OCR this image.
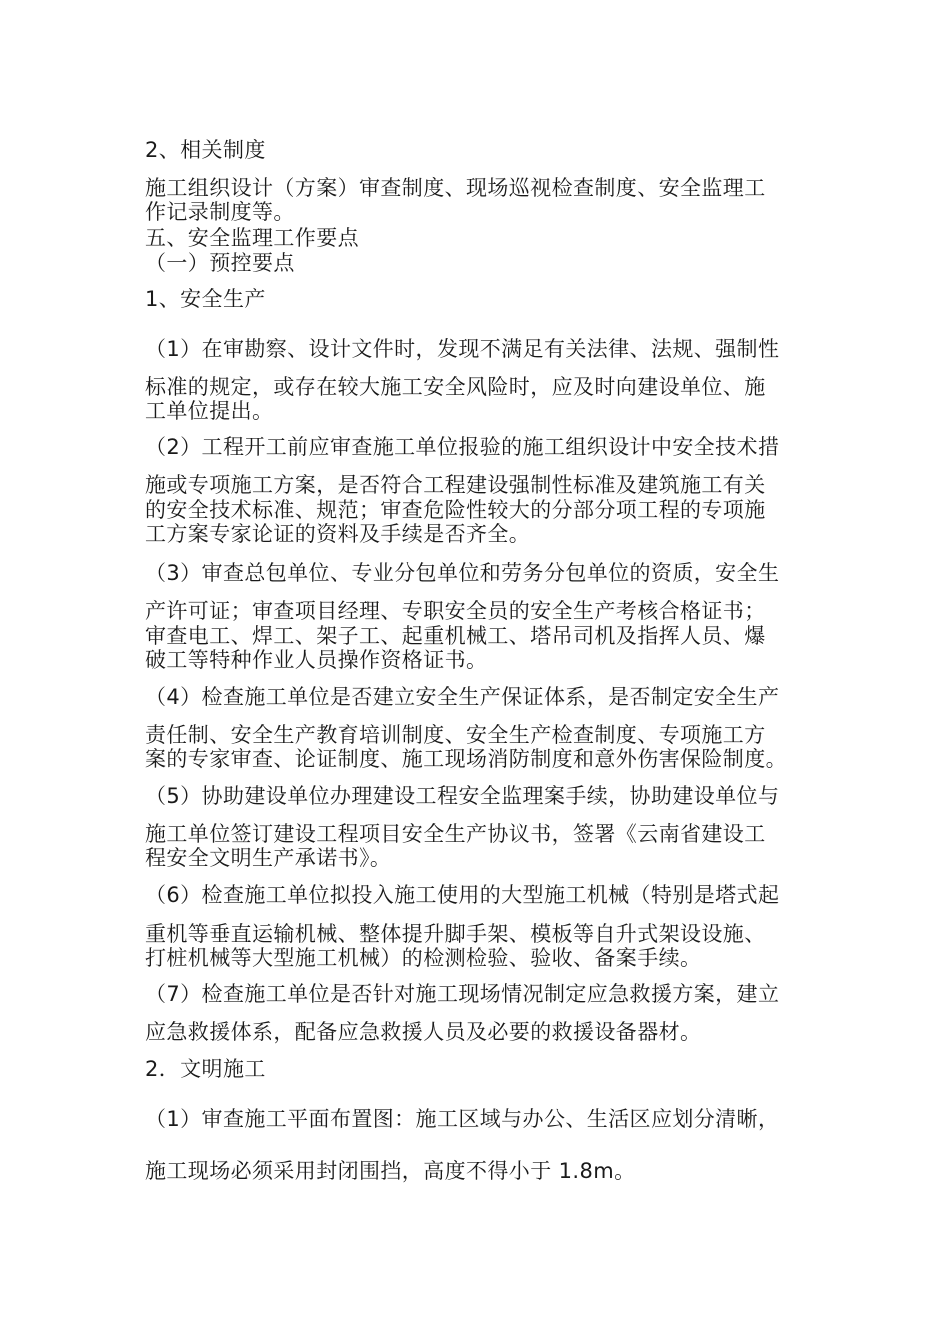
2、相关制度
施工组织设计（方案）审查制度、现场巡视检查制度、安全监理工
作记录制度等。
五、安全监理工作要点
（一）预控要点
1、安全生产
（1）在审勘察、设计文件时，发现不满足有关法律、法规、强制性
标准的规定，或存在较大施工安全风险时，应及时向建设单位、施
工单位提出。
（2）工程开工前应审查施工单位报验的施工组织设计中安全技术措
施或专项施工方案，是否符合工程建设强制性标准及建筑施工有关
的安全技术标准、规范；审查危险性较大的分部分项工程的专项施
工方案专家论证的资料及手续是否齐全。
（3）审查总包单位、专业分包单位和劳务分包单位的资质，安全生
产许可证；审查项目经理、专职安全员的安全生产考核合格证书；
审查电工、焊工、架子工、起重机械工、塔吊司机及指挥人员、爆
破工等特种作业人员操作资格证书。
（4）检查施工单位是否建立安全生产保证体系，是否制定安全生产
责任制、安全生产教育培训制度、安全生产检查制度、专项施工方
案的专家审查、论证制度、施工现场消防制度和意外伤害保险制度。
（5）协助建设单位办理建设工程安全监理案手续，协助建设单位与
施工单位签订建设工程项目安全生产协议书，签署《云南省建设工
程安全文明生产承诺书》。
（6）检查施工单位拟投入施工使用的大型施工机械（特别是塔式起
重机等垂直运输机械、整体提升脚手架、模板等自升式架设设施、
打桩机械等大型施工机械）的检测检验、验收、备案手续。
（7）检查施工单位是否针对施工现场情况制定应急救援方案，建立
应急救援体系，配备应急救援人员及必要的救援设备器材。
2．文明施工
（1）审查施工平面布置图：施工区域与办公、生活区应划分清晰，
施工现场必须采用封闭围挡，高度不得小于 1.8m。
